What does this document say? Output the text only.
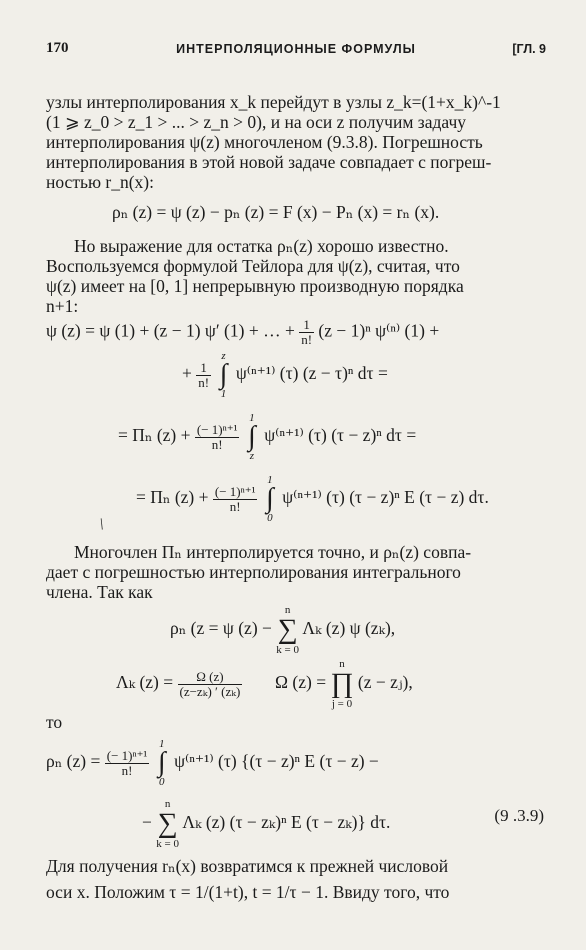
170	ИНТЕРПОЛЯЦИОННЫЕ ФОРМУЛЫ	[ГЛ. 9
узлы интерполирования x_k перейдут в узлы z_k=(1+x_k)^-1
(1 ⩾ z_0 > z_1 > ... > z_n > 0), и на оси z получим задачу
интерполирования ψ(z) многочленом (9.3.8). Погрешность
интерполирования в этой новой задаче совпадает с погреш-
ностью r_n(x):
ρₙ (z) = ψ (z) − pₙ (z) = F (x) − Pₙ (x) = rₙ (x).
Но выражение для остатка ρₙ(z) хорошо известно.
Воспользуемся формулой Тейлора для ψ(z), считая, что
ψ(z) имеет на [0, 1] непрерывную производную порядка
n+1:
ψ (z) = ψ (1) + (z − 1) ψ′ (1) + … + $\frac{1}{n!} (z - 1)^n$ ψ⁽ⁿ⁾ (1) +
+ $\frac{1}{n!}$

z
∫
1
ψ⁽ⁿ⁺¹⁾ (τ) (z − τ)ⁿ dτ =
= Πₙ $(z) + \frac{\text{(− 1)ⁿ⁺¹}}{n!}$

1
∫
z
ψ⁽ⁿ⁺¹⁾ (τ) (τ − z)ⁿ dτ =
= Πₙ $(z) + \frac{\text{(− 1)ⁿ⁺¹}}{n!}$

1
∫
0
ψ⁽ⁿ⁺¹⁾ (τ) (τ − z)ⁿ E (τ − z) dτ.
/
Многочлен Πₙ интерполируется точно, и ρₙ(z) совпа-
дает с погрешностью интерполирования интегрального
члена. Так как
ρₙ (z = ψ (z) − n
∑
k = 0 Λₖ (z) ψ (zₖ),
Λₖ $(z) = \frac{\Omega (z)}{\text{(z−zₖ) ′ (zₖ)}}$ Ω (z) = n
∏
j = 0 (z − zⱼ),
то
ρₙ $(z) = \frac{\text{(− 1)ⁿ⁺¹}}{n!}$

1
∫
0
ψ⁽ⁿ⁺¹⁾ (τ) {(τ − z)ⁿ E (τ − z) −
− n
∑
k = 0 Λₖ (z) (τ − zₖ)ⁿ E (τ − zₖ)} dτ.	(9 .3.9)
Для получения rₙ(x) возвратимся к прежней числовой
оси x. Положим τ = 1/(1+t), t = 1/τ − 1. Ввиду того, что
